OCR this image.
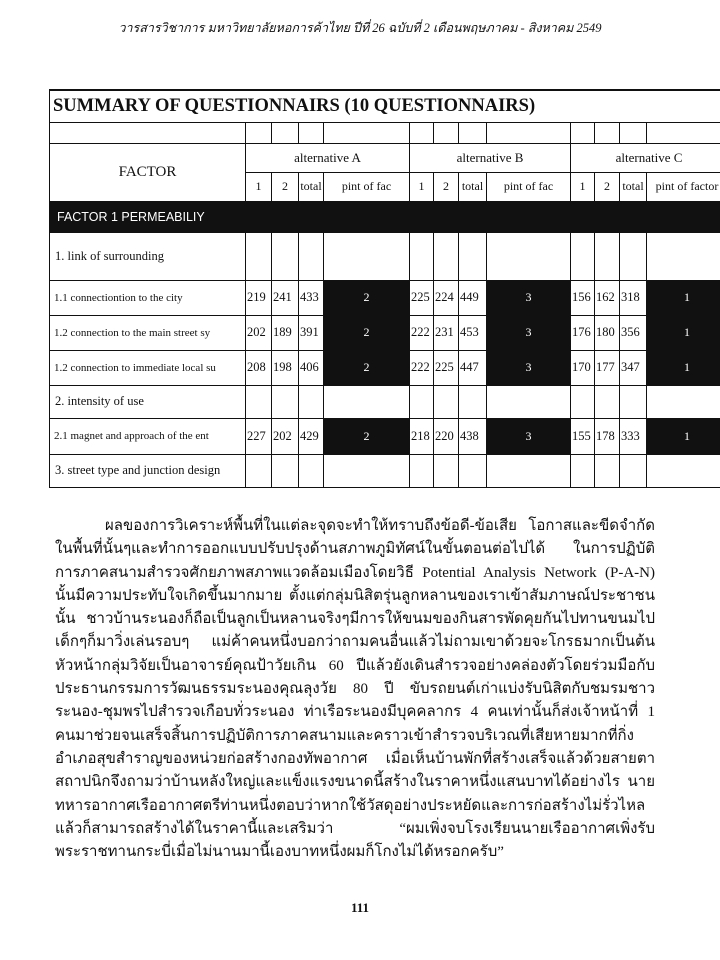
วารสารวิชาการ มหาวิทยาลัยหอการค้าไทย ปีที่ 26 ฉบับที่ 2 เดือนพฤษภาคม - สิงหาคม 2549
SUMMARY OF QUESTIONNAIRS (10 QUESTIONNAIRS)													

FACTOR	alternative A				alternative B				alternative C				
	1	2	total	pint of fac	1	2	total	pint of fac	1	2	total	pint of factor	
FACTOR 1 PERMEABILIY													
1. link of surrounding													
1.1 connectiontion to the city	219	241	433	2	225	224	449	3	156	162	318	1	
1.2 connection to the main street sy	202	189	391	2	222	231	453	3	176	180	356	1	
1.2 connection to immediate local su	208	198	406	2	222	225	447	3	170	177	347	1	
2. intensity of use													
2.1 magnet and approach of the ent	227	202	429	2	218	220	438	3	155	178	333	1	
3. street type and junction design													

ผลของการวิเคราะห์พื้นที่ในแต่ละจุดจะทำให้ทราบถึงข้อดี-ข้อเสีย โอกาสและขีดจำกัด ในพื้นที่นั้นๆและทำการออกแบบปรับปรุงด้านสภาพภูมิทัศน์ในขั้นตอนต่อไปได้ ในการปฏิบัติการภาคสนามสำรวจศักยภาพสภาพแวดล้อมเมืองโดยวิธี Potential Analysis Network (P-A-N) นั้นมีความประทับใจเกิดขึ้นมากมาย ตั้งแต่กลุ่มนิสิตรุ่นลูกหลานของเราเข้าสัมภาษณ์ประชาชนนั้น ชาวบ้านระนองก็ถือเป็นลูกเป็นหลานจริงๆมีการให้ขนมของกินสารพัดคุยกันไปทานขนมไป เด็กๆก็มาวิ่งเล่นรอบๆ แม่ค้าคนหนึ่งบอกว่าถามคนอื่นแล้วไม่ถามเขาด้วยจะโกรธมากเป็นต้น หัวหน้ากลุ่มวิจัยเป็นอาจารย์คุณป้าวัยเกิน 60 ปีแล้วยังเดินสำรวจอย่างคล่องตัวโดยร่วมมือกับประธานกรรมการวัฒนธรรมระนองคุณลุงวัย 80 ปี ขับรถยนต์เก่าแบ่งรับนิสิตกับชมรมชาวระนอง-ชุมพรไปสำรวจเกือบทั่วระนอง ท่าเรือระนองมีบุคคลากร 4 คนเท่านั้นก็ส่งเจ้าหน้าที่ 1 คนมาช่วยจนเสร็จสิ้นการปฏิบัติการภาคสนามและคราวเข้าสำรวจบริเวณที่เสียหายมากที่กิ่งอำเภอสุขสำราญของหน่วยก่อสร้างกองทัพอากาศ เมื่อเห็นบ้านพักที่สร้างเสร็จแล้วด้วยสายตาสถาปนิกจึงถามว่าบ้านหลังใหญ่และแข็งแรงขนาดนี้สร้างในราคาหนึ่งแสนบาทได้อย่างไร นายทหารอากาศเรืออากาศตรีท่านหนึ่งตอบว่าหากใช้วัสดุอย่างประหยัดและการก่อสร้างไม่รั่วไหลแล้วก็สามารถสร้างได้ในราคานี้และเสริมว่า “ผมเพิ่งจบโรงเรียนนายเรืออากาศเพิ่งรับพระราชทานกระบี่เมื่อไม่นานมานี้เองบาทหนึ่งผมก็โกงไม่ได้หรอกครับ”

111
